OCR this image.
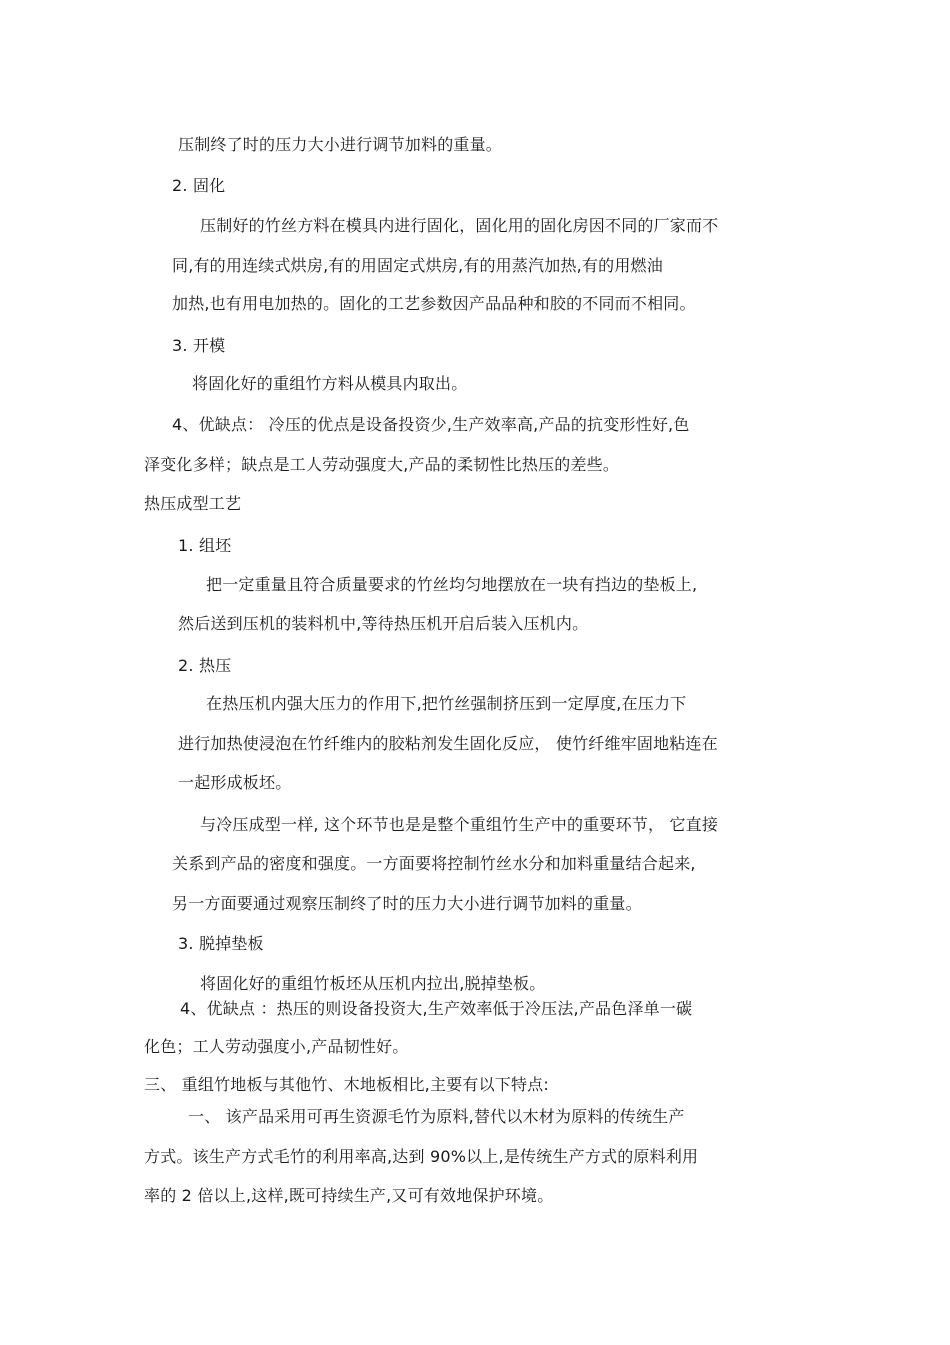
压制终了时的压力大小进行调节加料的重量。
2. 固化
压制好的竹丝方料在模具内进行固化，固化用的固化房因不同的厂家而不
同,有的用连续式烘房,有的用固定式烘房,有的用蒸汽加热,有的用燃油
加热,也有用电加热的。固化的工艺参数因产品品种和胶的不同而不相同。
3. 开模
将固化好的重组竹方料从模具内取出。
4、优缺点： 冷压的优点是设备投资少,生产效率高,产品的抗变形性好,色
泽变化多样；缺点是工人劳动强度大,产品的柔韧性比热压的差些。
热压成型工艺
1. 组坯
把一定重量且符合质量要求的竹丝均匀地摆放在一块有挡边的垫板上,
然后送到压机的装料机中,等待热压机开启后装入压机内。
2. 热压
在热压机内强大压力的作用下,把竹丝强制挤压到一定厚度,在压力下
进行加热使浸泡在竹纤维内的胶粘剂发生固化反应， 使竹纤维牢固地粘连在
一起形成板坯。
与冷压成型一样, 这个环节也是是整个重组竹生产中的重要环节， 它直接
关系到产品的密度和强度。一方面要将控制竹丝水分和加料重量结合起来,
另一方面要通过观察压制终了时的压力大小进行调节加料的重量。
3. 脱掉垫板
将固化好的重组竹板坯从压机内拉出,脱掉垫板。
4、优缺点 ：热压的则设备投资大,生产效率低于冷压法,产品色泽单一碳
化色；工人劳动强度小,产品韧性好。
三、 重组竹地板与其他竹、木地板相比,主要有以下特点:
一、 该产品采用可再生资源毛竹为原料,替代以木材为原料的传统生产
方式。该生产方式毛竹的利用率高,达到 90%以上,是传统生产方式的原料利用
率的 2 倍以上,这样,既可持续生产,又可有效地保护环境。
